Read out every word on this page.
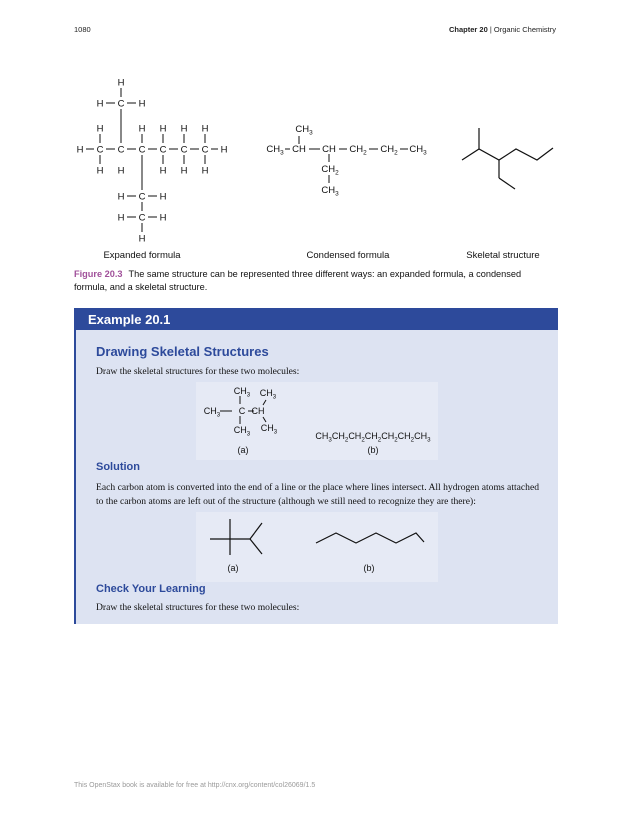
1080	Chapter 20 | Organic Chemistry
C C C C C C
H	H
H	H H H H
H H	H H H
C
H	H
H
C
H	H
C
H	H
H
$CH_3$ CH CH $CH_2$ $CH_2$ $CH_3$
$CH_3$
$CH_2$
$CH_3$
Expanded formula	Condensed formula	Skeletal structure
Figure 20.3 The same structure can be represented three different ways: an expanded formula, a condensed formula, and a skeletal structure.
Example 20.1
Drawing Skeletal Structures
Draw the skeletal structures for these two molecules:
$CH_3$ $CH_3$
$CH_3$ C CH
$CH_3$
$CH_3$	$CH_3CH_2CH_2CH_2CH_2CH_2CH_3$
(a)	(b)
Solution
Each carbon atom is converted into the end of a line or the place where lines intersect. All hydrogen atoms attached to the carbon atoms are left out of the structure (although we still need to recognize they are there):
(a)	(b)
Check Your Learning
Draw the skeletal structures for these two molecules:
This OpenStax book is available for free at http://cnx.org/content/col26069/1.5
